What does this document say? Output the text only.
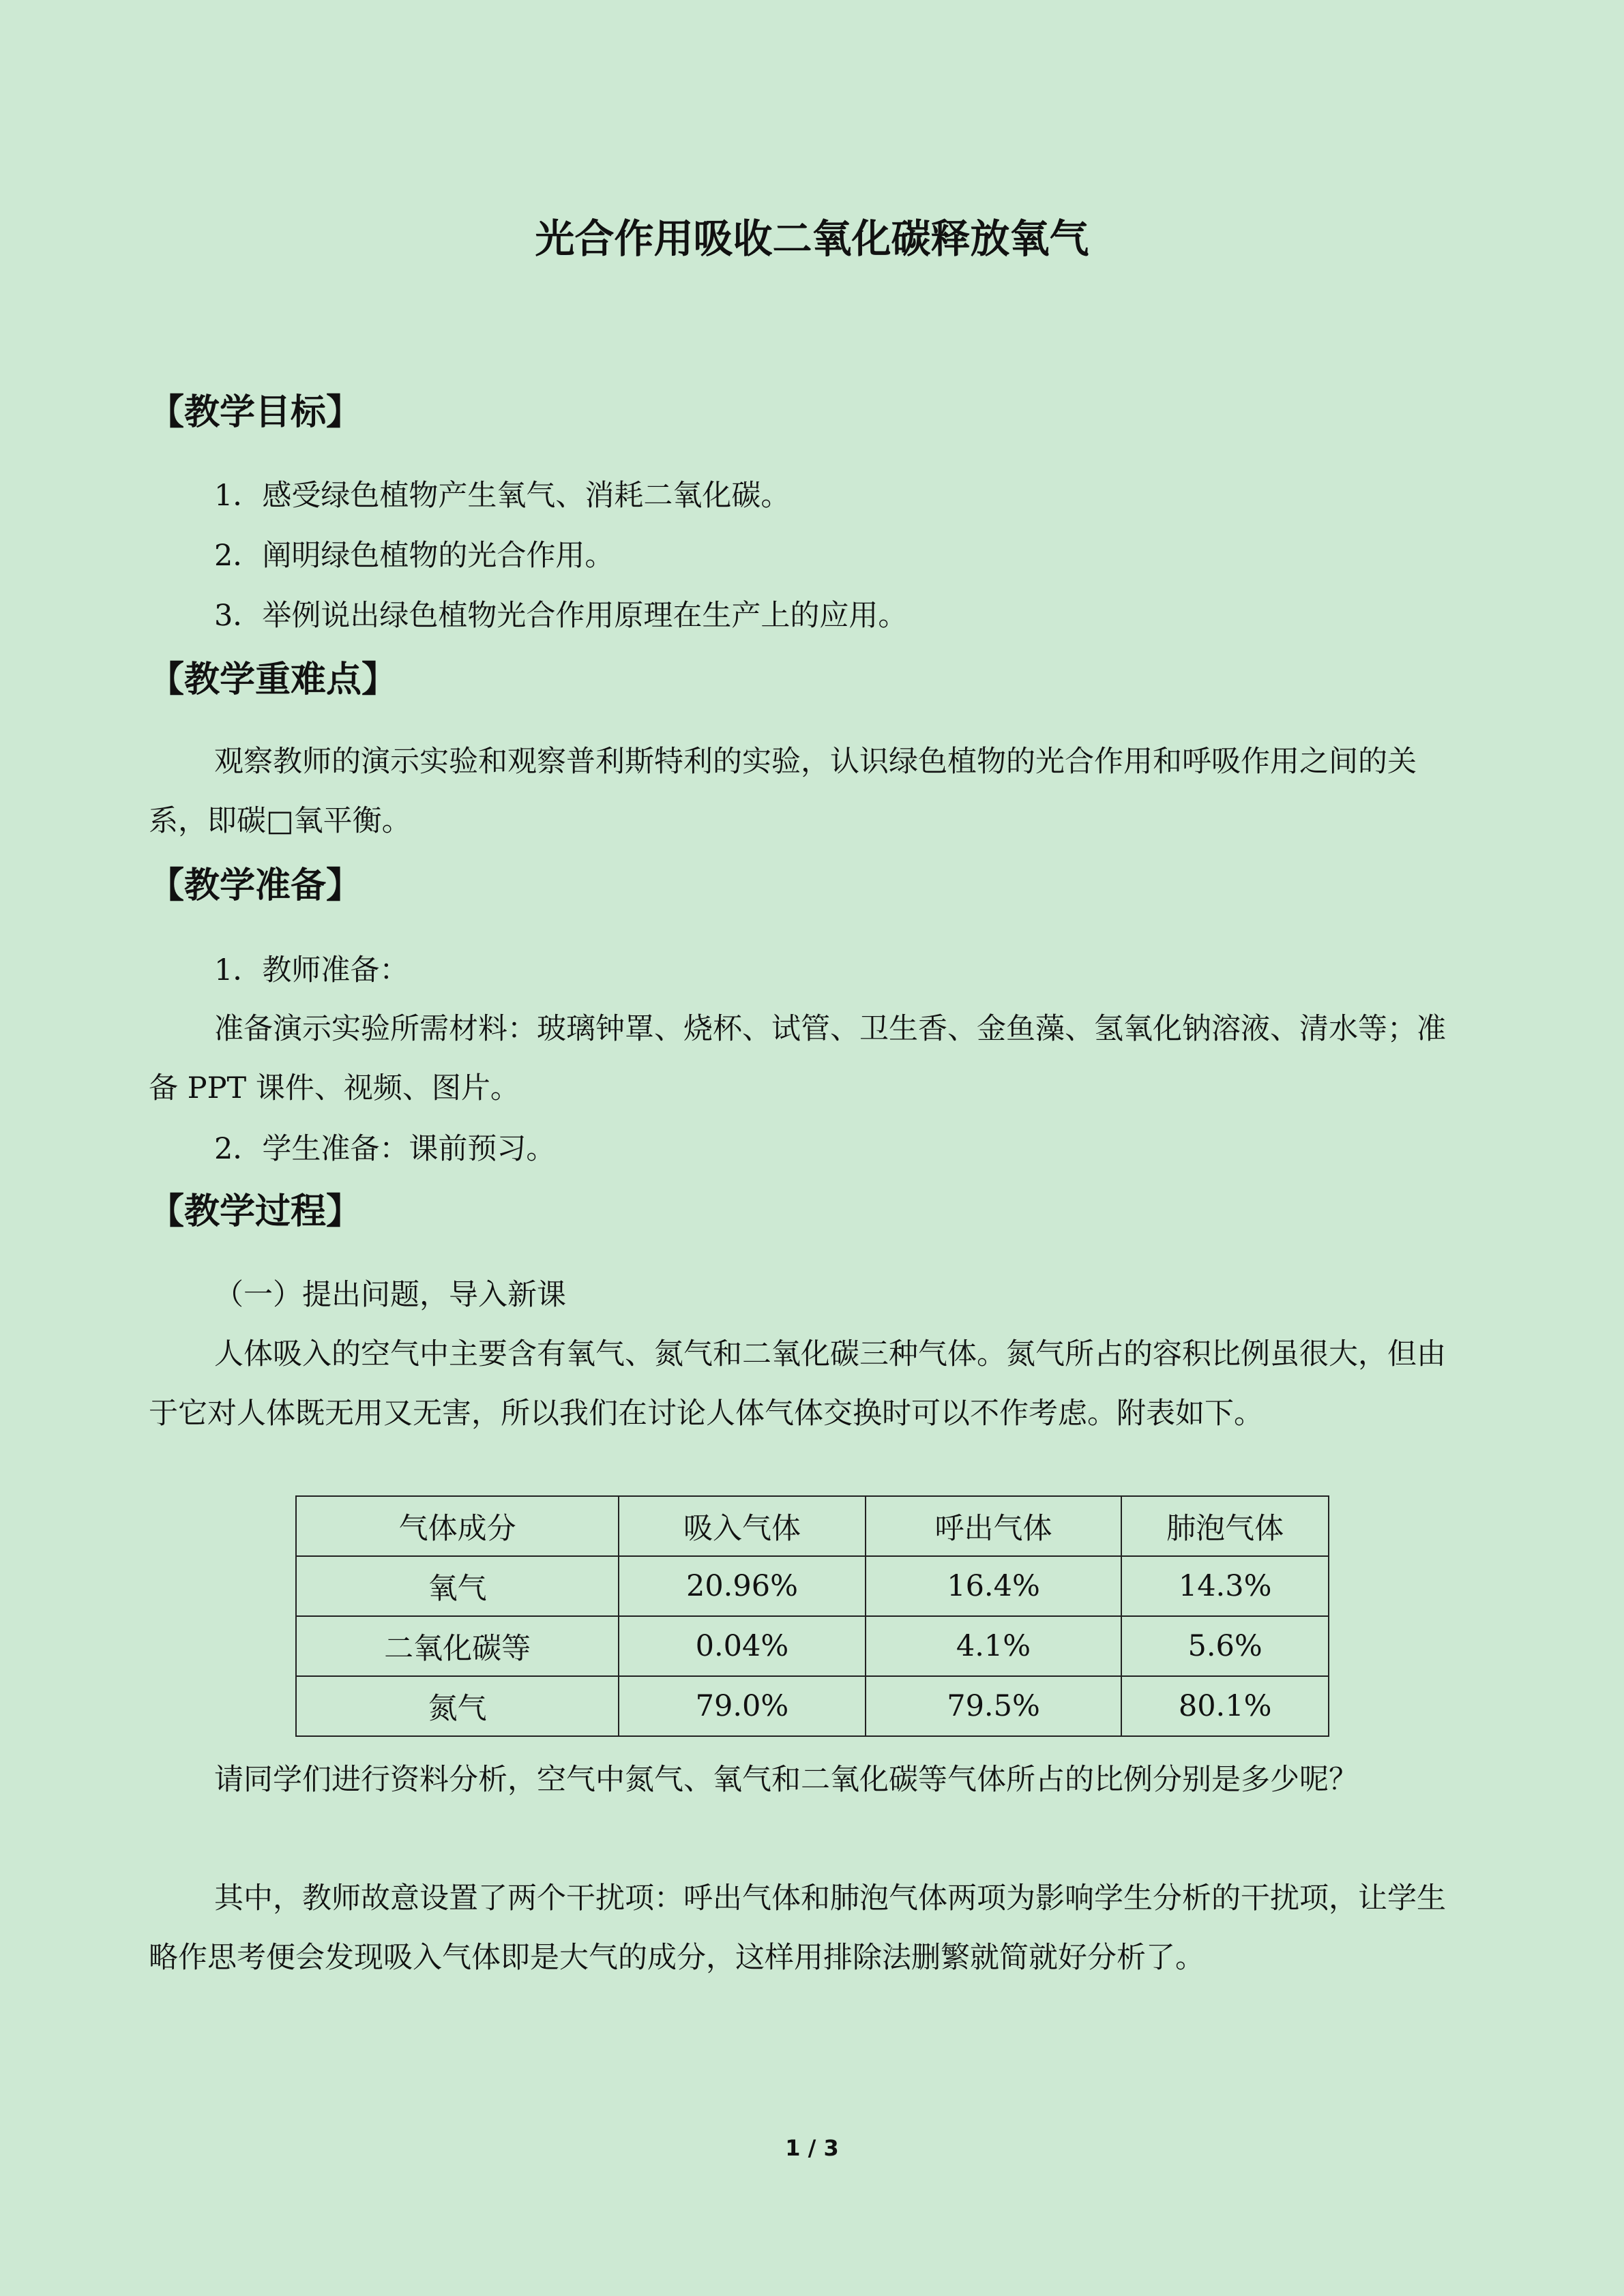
光合作用吸收二氧化碳释放氧气
【教学目标】

1．感受绿色植物产生氧气、消耗二氧化碳。

2．阐明绿色植物的光合作用。

3．举例说出绿色植物光合作用原理在生产上的应用。

【教学重难点】

观察教师的演示实验和观察普利斯特利的实验，认识绿色植物的光合作用和呼吸作用之间的关系，即碳□氧平衡。

【教学准备】

1．教师准备：

准备演示实验所需材料：玻璃钟罩、烧杯、试管、卫生香、金鱼藻、氢氧化钠溶液、清水等；准备 PPT 课件、视频、图片。

2．学生准备：课前预习。

【教学过程】

（一）提出问题，导入新课

人体吸入的空气中主要含有氧气、氮气和二氧化碳三种气体。氮气所占的容积比例虽很大，但由于它对人体既无用又无害，所以我们在讨论人体气体交换时可以不作考虑。附表如下。

气体成分	吸入气体	呼出气体	肺泡气体
氧气	20.96%	16.4%	14.3%
二氧化碳等	0.04%	4.1%	5.6%
氮气	79.0%	79.5%	80.1%

请同学们进行资料分析，空气中氮气、氧气和二氧化碳等气体所占的比例分别是多少呢？

其中，教师故意设置了两个干扰项：呼出气体和肺泡气体两项为影响学生分析的干扰项，让学生略作思考便会发现吸入气体即是大气的成分，这样用排除法删繁就简就好分析了。

1 / 3
